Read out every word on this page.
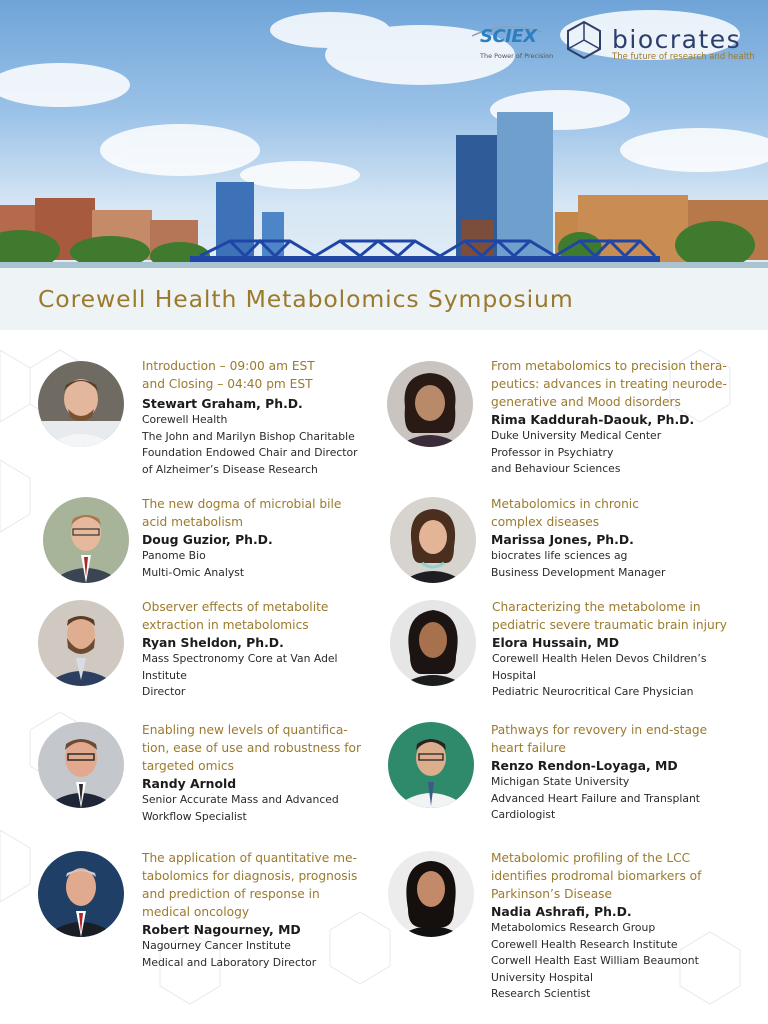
Corewell Health Metabolomics Symposium
SCIEX
The Power of Precision
biocrates
The future of research and health
Introduction – 09:00 am EST
and Closing – 04:40 pm EST
Stewart Graham, Ph.D.
Corewell Health
The John and Marilyn Bishop Charitable
Foundation Endowed Chair and Director
of Alzheimer’s Disease Research
From metabolomics to precision thera-
peutics: advances in treating neurode-
generative and Mood disorders
Rima Kaddurah-Daouk, Ph.D.
Duke University Medical Center
Professor in Psychiatry
and Behaviour Sciences
The new dogma of microbial bile
acid metabolism
Doug Guzior, Ph.D.
Panome Bio
Multi-Omic Analyst
Metabolomics in chronic
complex diseases
Marissa Jones, Ph.D.
biocrates life sciences ag
Business Development Manager
Observer effects of metabolite
extraction in metabolomics
Ryan Sheldon, Ph.D.
Mass Spectronomy Core at Van Adel
Institute
Director
Characterizing the metabolome in
pediatric severe traumatic brain injury
Elora Hussain, MD
Corewell Health Helen Devos Children’s
Hospital
Pediatric Neurocritical Care Physician
Enabling new levels of quantifica-
tion, ease of use and robustness for
targeted omics
Randy Arnold
Senior Accurate Mass and Advanced
Workflow Specialist
Pathways for revovery in end-stage
heart failure
Renzo Rendon-Loyaga, MD
Michigan State University
Advanced Heart Failure and Transplant
Cardiologist
The application of quantitative me-
tabolomics for diagnosis, prognosis
and prediction of response in
medical oncology
Robert Nagourney, MD
Nagourney Cancer Institute
Medical and Laboratory Director
Metabolomic profiling of the LCC
identifies prodromal biomarkers of
Parkinson’s Disease
Nadia Ashrafi, Ph.D.
Metabolomics Research Group
Corewell Health Research Institute
Corwell Health East William Beaumont
University Hospital
Research Scientist
